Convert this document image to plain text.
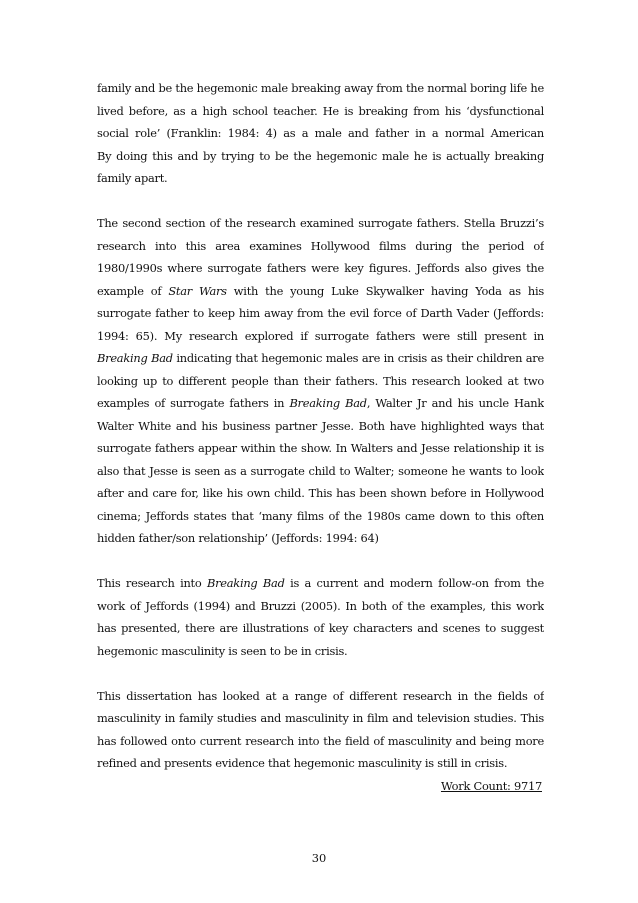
family and be the hegemonic male breaking away from the normal boring life he
lived before, as a high school teacher. He is breaking from his ‘dysfunctional
social role’ (Franklin: 1984: 4) as a male and father in a normal American
By doing this and by trying to be the hegemonic male he is actually breaking
family apart.
The second section of the research examined surrogate fathers. Stella Bruzzi’s
research into this area examines Hollywood films during the period of
1980/1990s where surrogate fathers were key figures. Jeffords also gives the
example of Star Wars with the young Luke Skywalker having Yoda as his
surrogate father to keep him away from the evil force of Darth Vader (Jeffords:
1994: 65). My research explored if surrogate fathers were still present in
Breaking Bad indicating that hegemonic males are in crisis as their children are
looking up to different people than their fathers. This research looked at two
examples of surrogate fathers in Breaking Bad, Walter Jr and his uncle Hank
Walter White and his business partner Jesse. Both have highlighted ways that
surrogate fathers appear within the show. In Walters and Jesse relationship it is
also that Jesse is seen as a surrogate child to Walter; someone he wants to look
after and care for, like his own child. This has been shown before in Hollywood
cinema; Jeffords states that ‘many films of the 1980s came down to this often
hidden father/son relationship’ (Jeffords: 1994: 64)
This research into Breaking Bad is a current and modern follow-on from the
work of Jeffords (1994) and Bruzzi (2005). In both of the examples, this work
has presented, there are illustrations of key characters and scenes to suggest
hegemonic masculinity is seen to be in crisis.
This dissertation has looked at a range of different research in the fields of
masculinity in family studies and masculinity in film and television studies. This
has followed onto current research into the field of masculinity and being more
refined and presents evidence that hegemonic masculinity is still in crisis.
Work Count: 9717
30
